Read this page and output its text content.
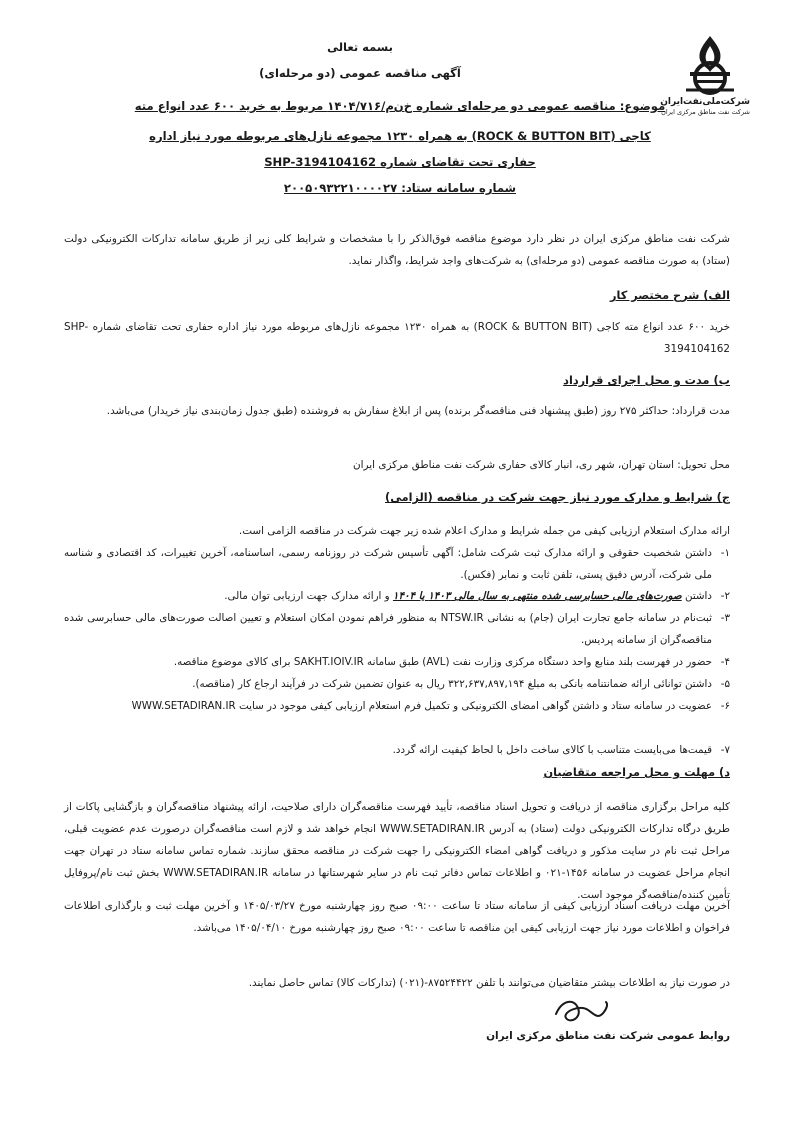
شرکت‌ملی‌نفت‌ایران
شرکت نفت مناطق مرکزی ایران
بسمه تعالی
آگهی مناقصه عمومی (دو مرحله‌ای)
موضوع: مناقصه عمومی دو مرحله‌ای شماره خ‌ن‌م/۱۴۰۴/۷۱۶ مربوط به خرید ۶۰۰ عدد انواع مته
کاجی (ROCK & BUTTON BIT) به همراه ۱۲۳۰ مجموعه نازل‌های مربوطه مورد نیاز اداره
حفاری تحت تقاضای شماره SHP-3194104162
شماره سامانه ستاد: ۲۰۰۵۰۹۳۲۲۱۰۰۰۰۲۷
شرکت نفت مناطق مرکزی ایران در نظر دارد موضوع مناقصه فوق‌الذکر را با مشخصات و شرایط کلی زیر از طریق سامانه تدارکات الکترونیکی دولت (ستاد) به صورت مناقصه عمومی (دو مرحله‌ای) به شرکت‌های واجد شرایط، واگذار نماید.
الف) شرح مختصر کار
خرید ۶۰۰ عدد انواع مته کاجی (ROCK & BUTTON BIT) به همراه ۱۲۳۰ مجموعه نازل‌های مربوطه مورد نیاز اداره حفاری تحت تقاضای شماره SHP-3194104162
ب) مدت و محل اجرای قرارداد
مدت قرارداد: حداکثر ۲۷۵ روز (طبق پیشنهاد فنی مناقصه‌گر برنده) پس از ابلاغ سفارش به فروشنده (طبق جدول زمان‌بندی نیاز خریدار) می‌باشد.
محل تحویل: استان تهران، شهر ری، انبار کالای حفاری شرکت نفت مناطق مرکزی ایران
ج) شرایط و مدارک مورد نیاز جهت شرکت در مناقصه (الزامی)
ارائه مدارک استعلام ارزیابی کیفی من جمله شرایط و مدارک اعلام شده زیر جهت شرکت در مناقصه الزامی است.
۱-
داشتن شخصیت حقوقی و ارائه مدارک ثبت شرکت شامل: آگهی تأسیس شرکت در روزنامه رسمی، اساسنامه، آخرین تغییرات، کد اقتصادی و شناسه ملی شرکت، آدرس دقیق پستی، تلفن ثابت و نمابر (فکس).
۲-
داشتن صورت‌های مالی حسابرسی شده منتهی به سال مالی ۱۴۰۳ یا ۱۴۰۴ و ارائه مدارک جهت ارزیابی توان مالی.
۳-
ثبت‌نام در سامانه جامع تجارت ایران (جام) به نشانی NTSW.IR به منظور فراهم نمودن امکان استعلام و تعیین اصالت صورت‌های مالی حسابرسی شده مناقصه‌گران از سامانه پردیس.
۴-
حضور در فهرست بلند منابع واحد دستگاه مرکزی وزارت نفت (AVL) طبق سامانه SAKHT.IOIV.IR برای کالای موضوع مناقصه.
۵-
داشتن توانائی ارائه ضمانتنامه بانکی به مبلغ ۳۲۲,۶۳۷,۸۹۷,۱۹۴ ریال به عنوان تضمین شرکت در فرآیند ارجاع کار (مناقصه).
۶-
عضویت در سامانه ستاد و داشتن گواهی امضای الکترونیکی و تکمیل فرم استعلام ارزیابی کیفی موجود در سایت WWW.SETADIRAN.IR
۷-
قیمت‌ها می‌بایست متناسب با کالای ساخت داخل با لحاظ کیفیت ارائه گردد.
د) مهلت و محل مراجعه متقاضیان
کلیه مراحل برگزاری مناقصه از دریافت و تحویل اسناد مناقصه، تأیید فهرست مناقصه‌گران دارای صلاحیت، ارائه پیشنهاد مناقصه‌گران و بازگشایی پاکات از طریق درگاه تدارکات الکترونیکی دولت (ستاد) به آدرس WWW.SETADIRAN.IR انجام خواهد شد و لازم است مناقصه‌گران درصورت عدم عضویت قبلی، مراحل ثبت نام در سایت مذکور و دریافت گواهی امضاء الکترونیکی را جهت شرکت در مناقصه محقق سازند. شماره تماس سامانه ستاد در تهران جهت انجام مراحل عضویت در سامانه ۱۴۵۶-۰۲۱ و اطلاعات تماس دفاتر ثبت نام در سایر شهرستانها در سامانه WWW.SETADIRAN.IR بخش ثبت نام/پروفایل تأمین کننده/مناقصه‌گر موجود است.
آخرین مهلت دریافت اسناد ارزیابی کیفی از سامانه ستاد تا ساعت ۰۹:۰۰ صبح روز چهارشنبه مورخ ۱۴۰۵/۰۳/۲۷ و آخرین مهلت ثبت و بارگذاری اطلاعات فراخوان و اطلاعات مورد نیاز جهت ارزیابی کیفی این مناقصه تا ساعت ۰۹:۰۰ صبح روز چهارشنبه مورخ ۱۴۰۵/۰۴/۱۰ می‌باشد.
در صورت نیاز به اطلاعات بیشتر متقاضیان می‌توانند با تلفن ۸۷۵۲۴۴۲۲-(۰۲۱) (تدارکات کالا) تماس حاصل نمایند.
روابط عمومی شرکت نفت مناطق مرکزی ایران
